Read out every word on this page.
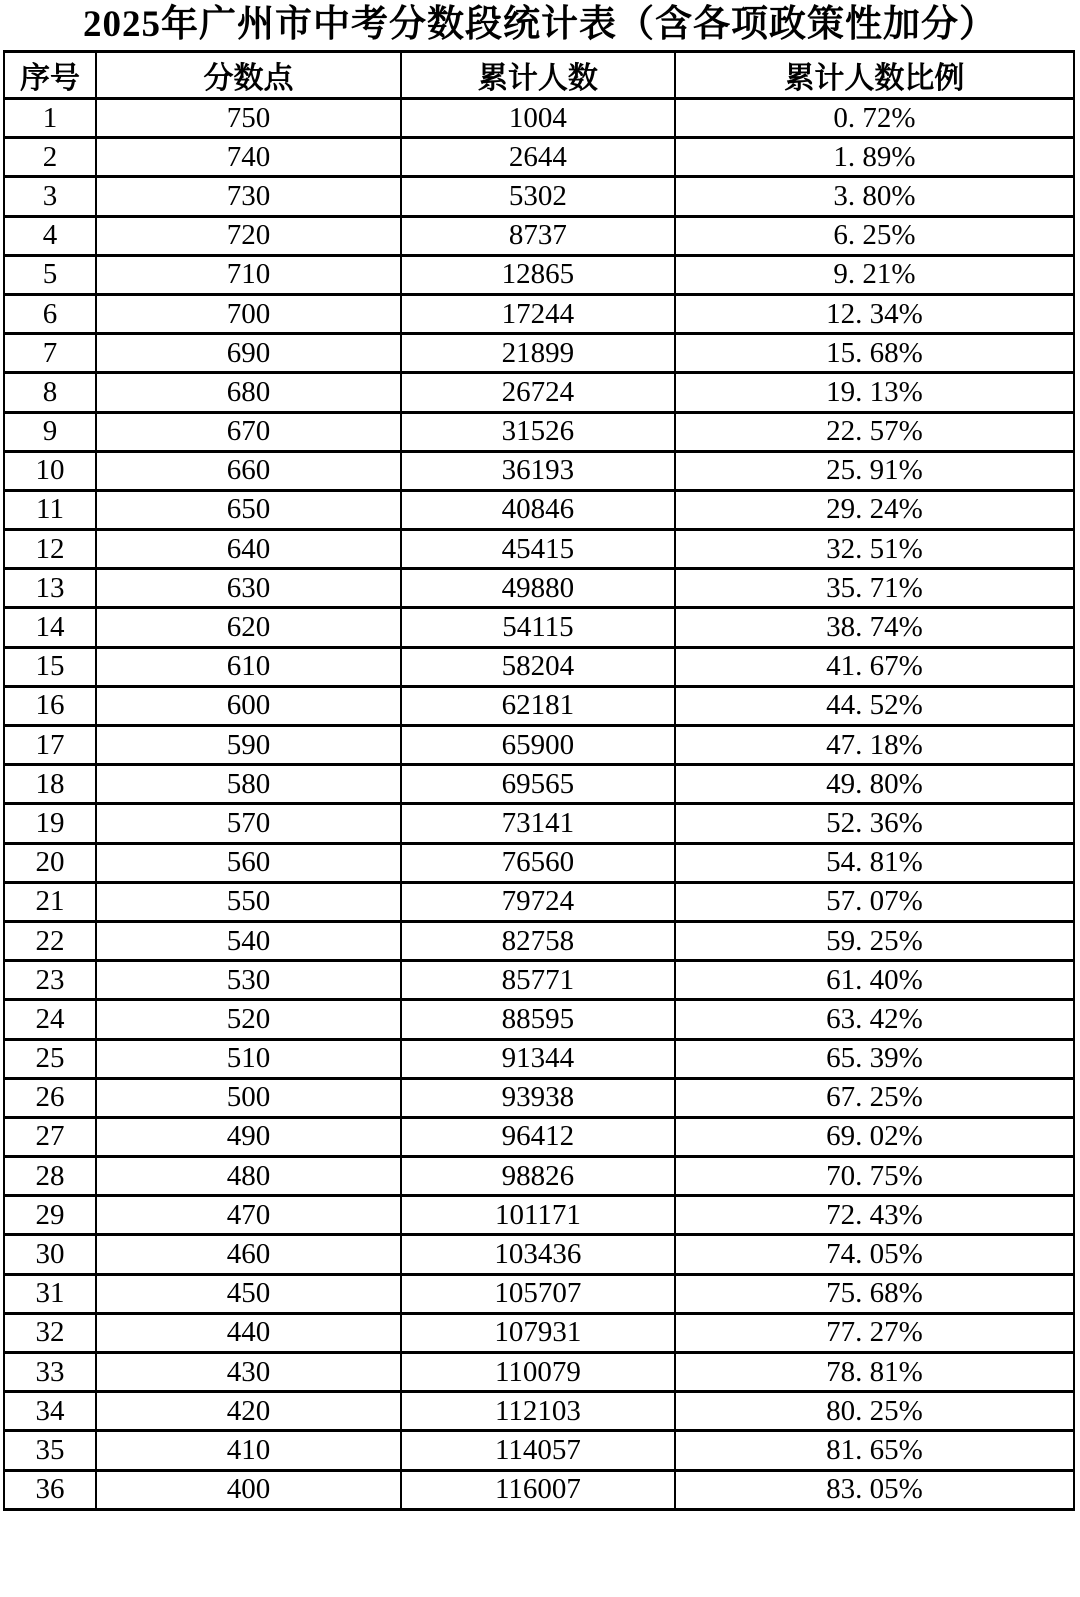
2025年广州市中考分数段统计表（含各项政策性加分）
序号	分数点	累计人数	累计人数比例
1	750	1004	0. 72%
2	740	2644	1. 89%
3	730	5302	3. 80%
4	720	8737	6. 25%
5	710	12865	9. 21%
6	700	17244	12. 34%
7	690	21899	15. 68%
8	680	26724	19. 13%
9	670	31526	22. 57%
10	660	36193	25. 91%
11	650	40846	29. 24%
12	640	45415	32. 51%
13	630	49880	35. 71%
14	620	54115	38. 74%
15	610	58204	41. 67%
16	600	62181	44. 52%
17	590	65900	47. 18%
18	580	69565	49. 80%
19	570	73141	52. 36%
20	560	76560	54. 81%
21	550	79724	57. 07%
22	540	82758	59. 25%
23	530	85771	61. 40%
24	520	88595	63. 42%
25	510	91344	65. 39%
26	500	93938	67. 25%
27	490	96412	69. 02%
28	480	98826	70. 75%
29	470	101171	72. 43%
30	460	103436	74. 05%
31	450	105707	75. 68%
32	440	107931	77. 27%
33	430	110079	78. 81%
34	420	112103	80. 25%
35	410	114057	81. 65%
36	400	116007	83. 05%
